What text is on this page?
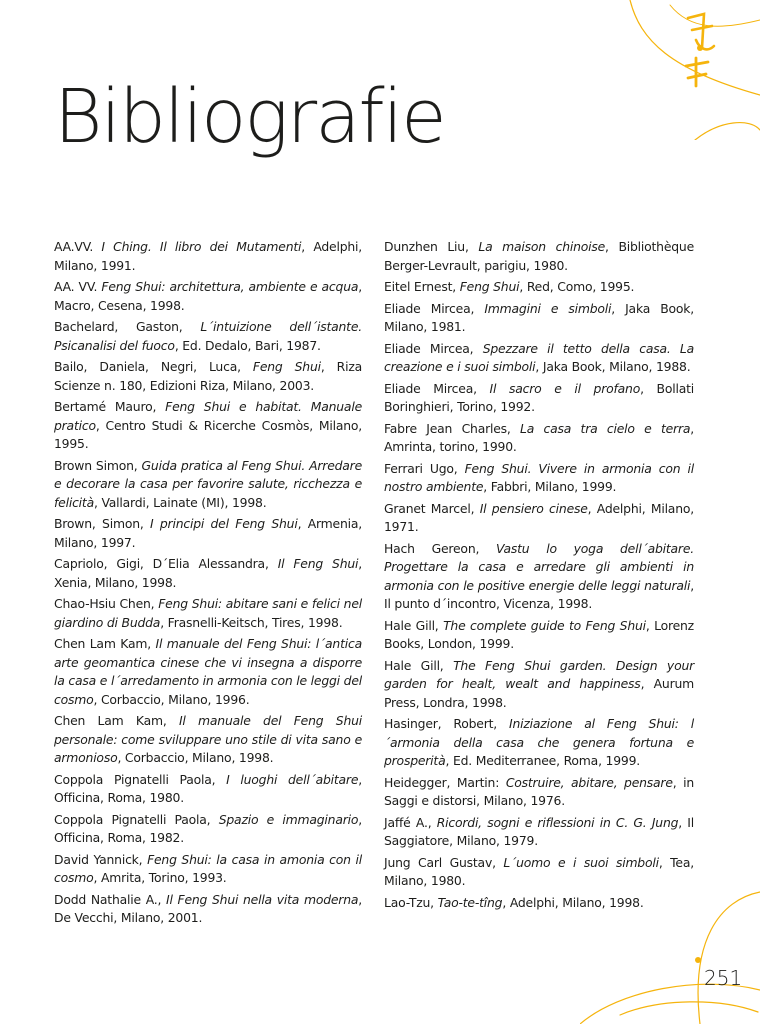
Bibliografie

AA.VV. I Ching. Il libro dei Mutamenti, Adelphi, Milano, 1991.

AA. VV. Feng Shui: architettura, ambiente e acqua, Macro, Cesena, 1998.

Bachelard, Gaston, L´intuizione dell´istante. Psicanalisi del fuoco, Ed. Dedalo, Bari, 1987.

Bailo, Daniela, Negri, Luca, Feng Shui, Riza Scienze n. 180, Edizioni Riza, Milano, 2003.

Bertamé Mauro, Feng Shui e habitat. Manuale pratico, Centro Studi & Ricerche Cosmòs, Milano, 1995.

Brown Simon, Guida pratica al Feng Shui. Arredare e decorare la casa per favorire salute, ricchezza e felicità, Vallardi, Lainate (MI), 1998.

Brown, Simon, I principi del Feng Shui, Armenia, Milano, 1997.

Capriolo, Gigi, D´Elia Alessandra, Il Feng Shui, Xenia, Milano, 1998.

Chao-Hsiu Chen, Feng Shui: abitare sani e felici nel giardino di Budda, Frasnelli-Keitsch, Tires, 1998.

Chen Lam Kam, Il manuale del Feng Shui: l´antica arte geomantica cinese che vi insegna a disporre la casa e l´arredamento in armonia con le leggi del cosmo, Corbaccio, Milano, 1996.

Chen Lam Kam, Il manuale del Feng Shui personale: come sviluppare uno stile di vita sano e armonioso, Corbaccio, Milano, 1998.

Coppola Pignatelli Paola, I luoghi dell´abitare, Officina, Roma, 1980.

Coppola Pignatelli Paola, Spazio e immaginario, Officina, Roma, 1982.

David Yannick, Feng Shui: la casa in amonia con il cosmo, Amrita, Torino, 1993.

Dodd Nathalie A., Il Feng Shui nella vita moderna, De Vecchi, Milano, 2001.

Dunzhen Liu, La maison chinoise, Bibliothèque Berger-Levrault, parigiu, 1980.

Eitel Ernest, Feng Shui, Red, Como, 1995.

Eliade Mircea, Immagini e simboli, Jaka Book, Milano, 1981.

Eliade Mircea, Spezzare il tetto della casa. La creazione e i suoi simboli, Jaka Book, Milano, 1988.

Eliade Mircea, Il sacro e il profano, Bollati Boringhieri, Torino, 1992.

Fabre Jean Charles, La casa tra cielo e terra, Amrinta, torino, 1990.

Ferrari Ugo, Feng Shui. Vivere in armonia con il nostro ambiente, Fabbri, Milano, 1999.

Granet Marcel, Il pensiero cinese, Adelphi, Milano, 1971.

Hach Gereon, Vastu lo yoga dell´abitare. Progettare la casa e arredare gli ambienti in armonia con le positive energie delle leggi naturali, Il punto d´incontro, Vicenza, 1998.

Hale Gill, The complete guide to Feng Shui, Lorenz Books, London, 1999.

Hale Gill, The Feng Shui garden. Design your garden for healt, wealt and happiness, Aurum Press, Londra, 1998.

Hasinger, Robert, Iniziazione al Feng Shui: l´armonia della casa che genera fortuna e prosperità, Ed. Mediterranee, Roma, 1999.

Heidegger, Martin: Costruire, abitare, pensare, in Saggi e distorsi, Milano, 1976.

Jaffé A., Ricordi, sogni e riflessioni in C. G. Jung, Il Saggiatore, Milano, 1979.

Jung Carl Gustav, L´uomo e i suoi simboli, Tea, Milano, 1980.

Lao-Tzu, Tao-te-tîng, Adelphi, Milano, 1998.

251
